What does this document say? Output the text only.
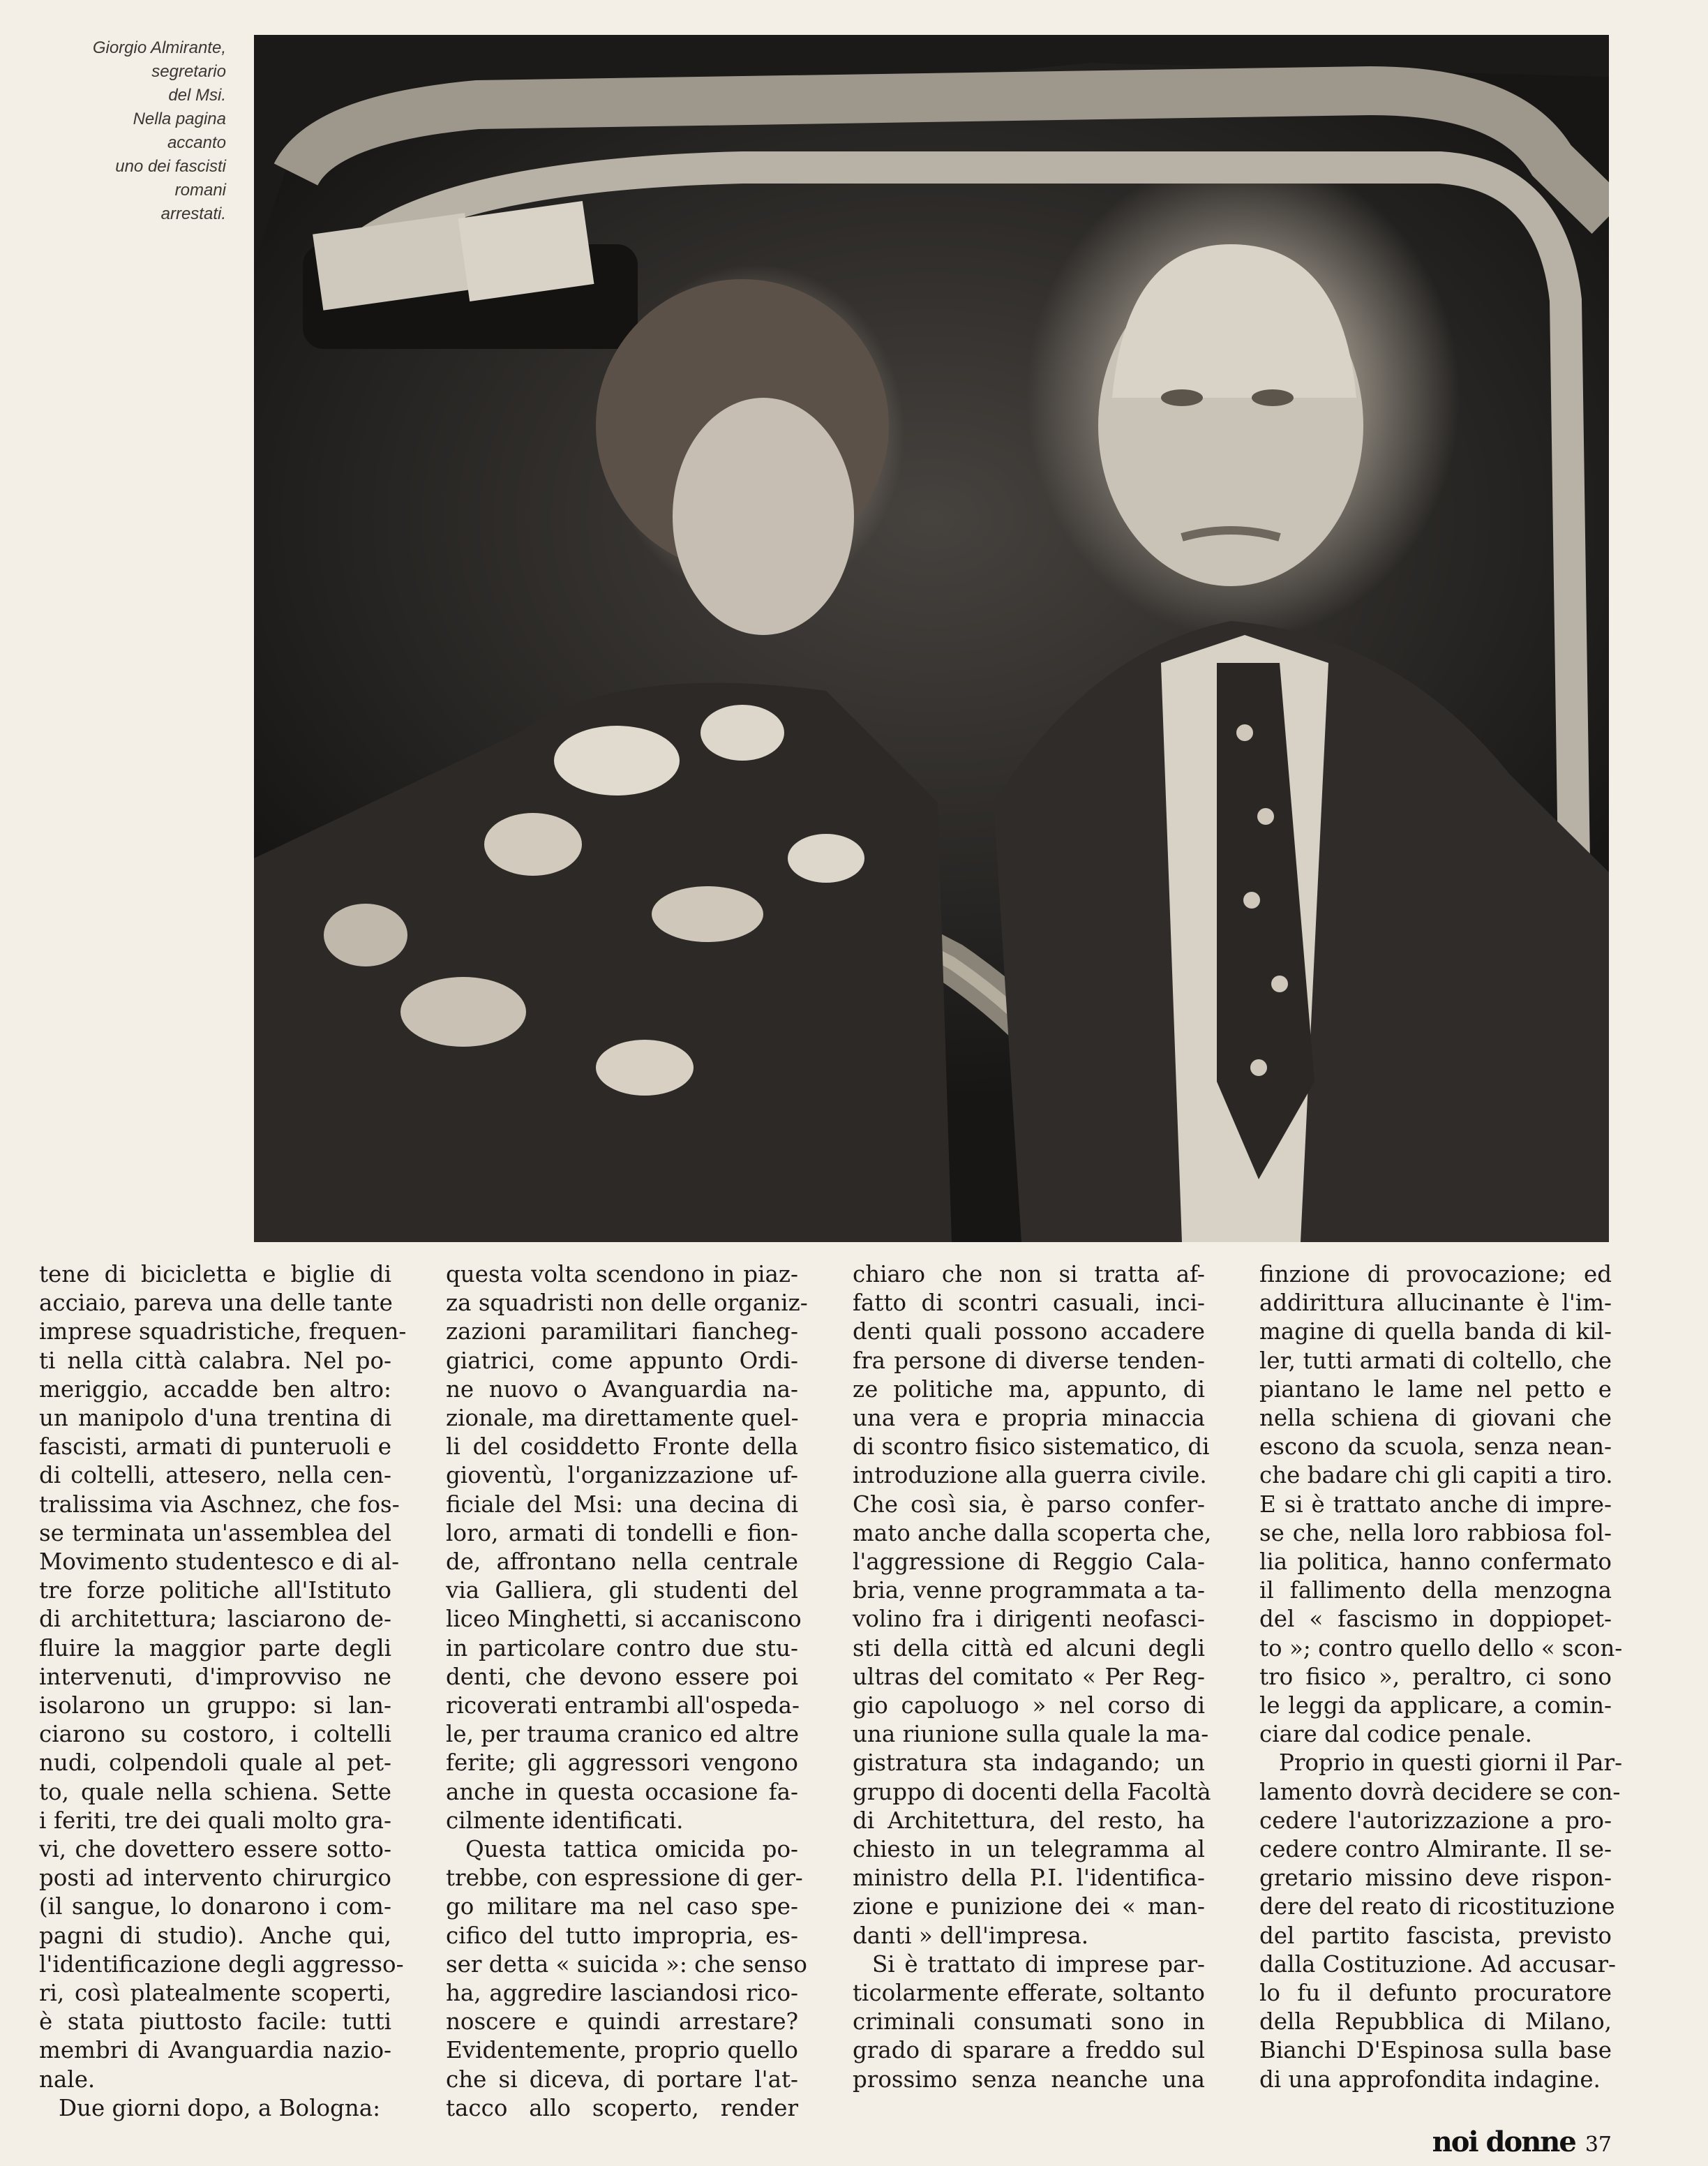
Giorgio Almirante,
segretario
del Msi.
Nella pagina
accanto
uno dei fascisti
romani
arrestati.
tene di bicicletta e biglie di
acciaio, pareva una delle tante
imprese squadristiche, frequen-
ti nella città calabra. Nel po-
meriggio, accadde ben altro:
un manipolo d'una trentina di
fascisti, armati di punteruoli e
di coltelli, attesero, nella cen-
tralissima via Aschnez, che fos-
se terminata un'assemblea del
Movimento studentesco e di al-
tre forze politiche all'Istituto
di architettura; lasciarono de-
fluire la maggior parte degli
intervenuti, d'improvviso ne
isolarono un gruppo: si lan-
ciarono su costoro, i coltelli
nudi, colpendoli quale al pet-
to, quale nella schiena. Sette
i feriti, tre dei quali molto gra-
vi, che dovettero essere sotto-
posti ad intervento chirurgico
(il sangue, lo donarono i com-
pagni di studio). Anche qui,
l'identificazione degli aggresso-
ri, così platealmente scoperti,
è stata piuttosto facile: tutti
membri di Avanguardia nazio-
nale.
Due giorni dopo, a Bologna:
questa volta scendono in piaz-
za squadristi non delle organiz-
zazioni paramilitari fiancheg-
giatrici, come appunto Ordi-
ne nuovo o Avanguardia na-
zionale, ma direttamente quel-
li del cosiddetto Fronte della
gioventù, l'organizzazione uf-
ficiale del Msi: una decina di
loro, armati di tondelli e fion-
de, affrontano nella centrale
via Galliera, gli studenti del
liceo Minghetti, si accaniscono
in particolare contro due stu-
denti, che devono essere poi
ricoverati entrambi all'ospeda-
le, per trauma cranico ed altre
ferite; gli aggressori vengono
anche in questa occasione fa-
cilmente identificati.
Questa tattica omicida po-
trebbe, con espressione di ger-
go militare ma nel caso spe-
cifico del tutto impropria, es-
ser detta « suicida »: che senso
ha, aggredire lasciandosi rico-
noscere e quindi arrestare?
Evidentemente, proprio quello
che si diceva, di portare l'at-
tacco allo scoperto, render
chiaro che non si tratta af-
fatto di scontri casuali, inci-
denti quali possono accadere
fra persone di diverse tenden-
ze politiche ma, appunto, di
una vera e propria minaccia
di scontro fisico sistematico, di
introduzione alla guerra civile.
Che così sia, è parso confer-
mato anche dalla scoperta che,
l'aggressione di Reggio Cala-
bria, venne programmata a ta-
volino fra i dirigenti neofasci-
sti della città ed alcuni degli
ultras del comitato « Per Reg-
gio capoluogo » nel corso di
una riunione sulla quale la ma-
gistratura sta indagando; un
gruppo di docenti della Facoltà
di Architettura, del resto, ha
chiesto in un telegramma al
ministro della P.I. l'identifica-
zione e punizione dei « man-
danti » dell'impresa.
Si è trattato di imprese par-
ticolarmente efferate, soltanto
criminali consumati sono in
grado di sparare a freddo sul
prossimo senza neanche una
finzione di provocazione; ed
addirittura allucinante è l'im-
magine di quella banda di kil-
ler, tutti armati di coltello, che
piantano le lame nel petto e
nella schiena di giovani che
escono da scuola, senza nean-
che badare chi gli capiti a tiro.
E si è trattato anche di impre-
se che, nella loro rabbiosa fol-
lia politica, hanno confermato
il fallimento della menzogna
del « fascismo in doppiopet-
to »; contro quello dello « scon-
tro fisico », peraltro, ci sono
le leggi da applicare, a comin-
ciare dal codice penale.
Proprio in questi giorni il Par-
lamento dovrà decidere se con-
cedere l'autorizzazione a pro-
cedere contro Almirante. Il se-
gretario missino deve rispon-
dere del reato di ricostituzione
del partito fascista, previsto
dalla Costituzione. Ad accusar-
lo fu il defunto procuratore
della Repubblica di Milano,
Bianchi D'Espinosa sulla base
di una approfondita indagine.
noi donne 37
